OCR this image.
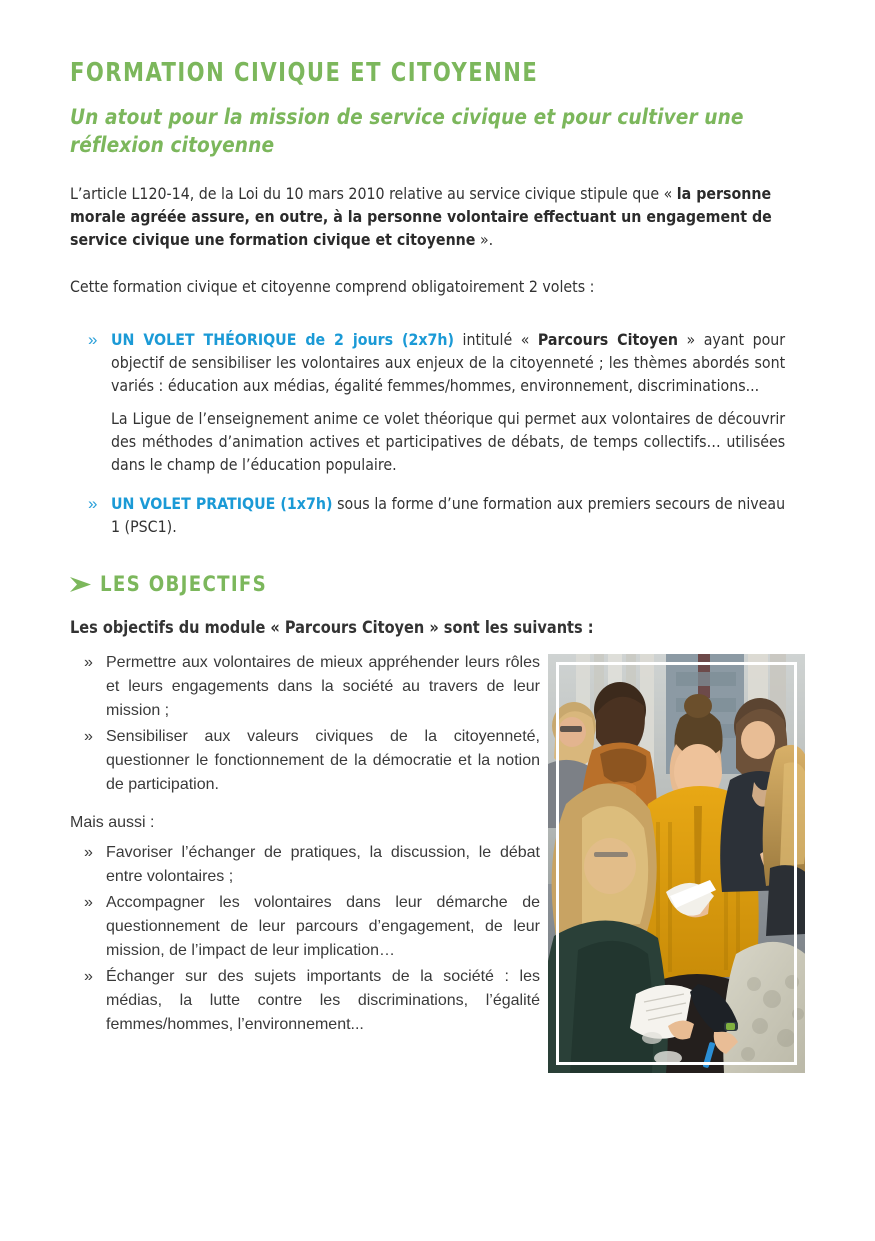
FORMATION CIVIQUE ET CITOYENNE
Un atout pour la mission de service civique et pour cultiver une réflexion citoyenne

L’article L120-14, de la Loi du 10 mars 2010 relative au service civique stipule que « la personne morale agréée assure, en outre, à la personne volontaire effectuant un engagement de service civique une formation civique et citoyenne ».

Cette formation civique et citoyenne comprend obligatoirement 2 volets :

» UN VOLET THÉORIQUE de 2 jours (2x7h) intitulé « Parcours Citoyen » ayant pour objectif de sensibiliser les volontaires aux enjeux de la citoyenneté ; les thèmes abordés sont variés : éducation aux médias, égalité femmes/hommes, environnement, discriminations...
La Ligue de l’enseignement anime ce volet théorique qui permet aux volontaires de découvrir des méthodes d’animation actives et participatives de débats, de temps collectifs… utilisées dans le champ de l’éducation populaire.
» UN VOLET PRATIQUE (1x7h) sous la forme d’une formation aux premiers secours de niveau 1 (PSC1).
LES OBJECTIFS

Les objectifs du module « Parcours Citoyen » sont les suivants :

» Permettre aux volontaires de mieux appréhender leurs rôles et leurs engagements dans la société au travers de leur mission ;
» Sensibiliser aux valeurs civiques de la citoyenneté, questionner le fonctionnement de la démocratie et la notion de participation.

Mais aussi :

» Favoriser l’échanger de pratiques, la discussion, le débat entre volontaires ;
» Accompagner les volontaires dans leur démarche de questionnement de leur parcours d’engagement, de leur mission, de l’impact de leur implication…
» Échanger sur des sujets importants de la société : les médias, la lutte contre les discriminations, l’égalité femmes/hommes, l’environnement...
